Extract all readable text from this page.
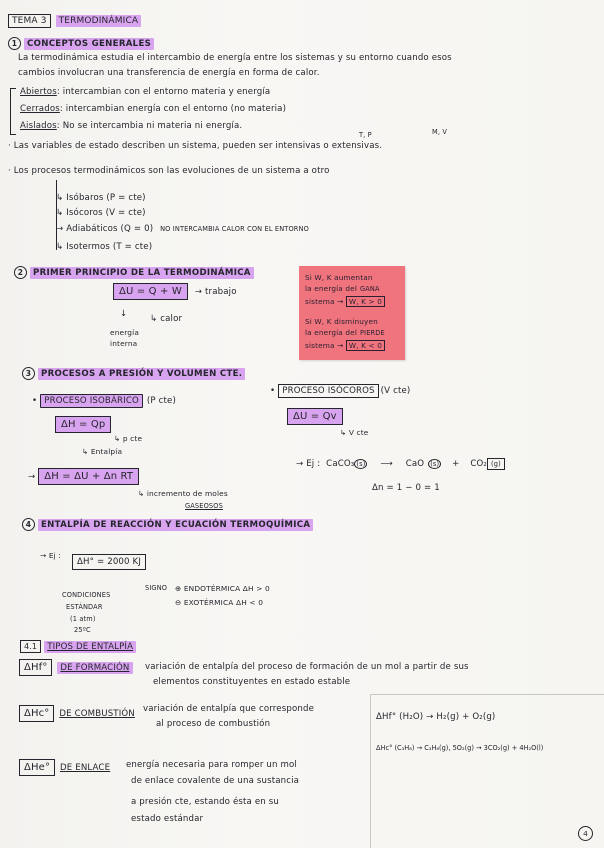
TEMA 3 TERMODINÁMICA
1 CONCEPTOS GENERALES
La termodinámica estudia el intercambio de energía entre los sistemas y su entorno cuando esos
cambios involucran una transferencia de energía en forma de calor.
Abiertos: intercambian con el entorno materia y energía
Cerrados: intercambian energía con el entorno (no materia)
Aislados: No se intercambia ni materia ni energía.
T, P	M, V
· Las variables de estado describen un sistema, pueden ser intensivas o extensivas.
· Los procesos termodinámicos son las evoluciones de un sistema a otro
↳ Isóbaros (P = cte)
↳ Isócoros (V = cte)
→ Adiabáticos (Q = 0) NO INTERCAMBIA CALOR CON EL ENTORNO
↳ Isotermos (T = cte)
2 PRIMER PRINCIPIO DE LA TERMODINÁMICA
ΔU = Q + W → trabajo
↓	↳ calor
energía
interna
Si W, K aumentan
la energía del GANA
sistema → W, K > 0
Si W, K disminuyen
la energía del PIERDE
sistema → W, K < 0
3 PROCESOS A PRESIÓN Y VOLUMEN CTE.
• PROCESO ISOBÁRICO (P cte)
ΔH = Qp
↳ p cte
↳ Entalpía
→ ΔH = ΔU + Δn RT
↳ incremento de moles
GASEOSOS
• PROCESO ISÓCOROS (V cte)
ΔU = Qv
↳ V cte
→ Ej : CaCO₃ (s) ⟶ CaO (s) + CO₂ (g)
Δn = 1 − 0 = 1
4 ENTALPÍA DE REACCIÓN Y ECUACIÓN TERMOQUÍMICA
→ Ej :
ΔH° = 2000 KJ
CONDICIONES
ESTÁNDAR
(1 atm)
25ºC
SIGNO ⊕ ENDOTÉRMICA ΔH > 0
⊖ EXOTÉRMICA ΔH < 0
4.1 TIPOS DE ENTALPÍA
ΔHf° DE FORMACIÓN	variación de entalpía del proceso de formación de un mol a partir de sus
elementos constituyentes en estado estable
ΔHc° DE COMBUSTIÓN variación de entalpía que corresponde
al proceso de combustión
ΔHe° DE ENLACE energía necesaria para romper un mol
de enlace covalente de una sustancia
a presión cte, estando ésta en su
estado estándar
ΔHf° (H₂O) → H₂(g) + O₂(g)
ΔHc° (C₃H₈) → C₃H₈(g), 5O₂(g) → 3CO₂(g) + 4H₂O(l)
4
